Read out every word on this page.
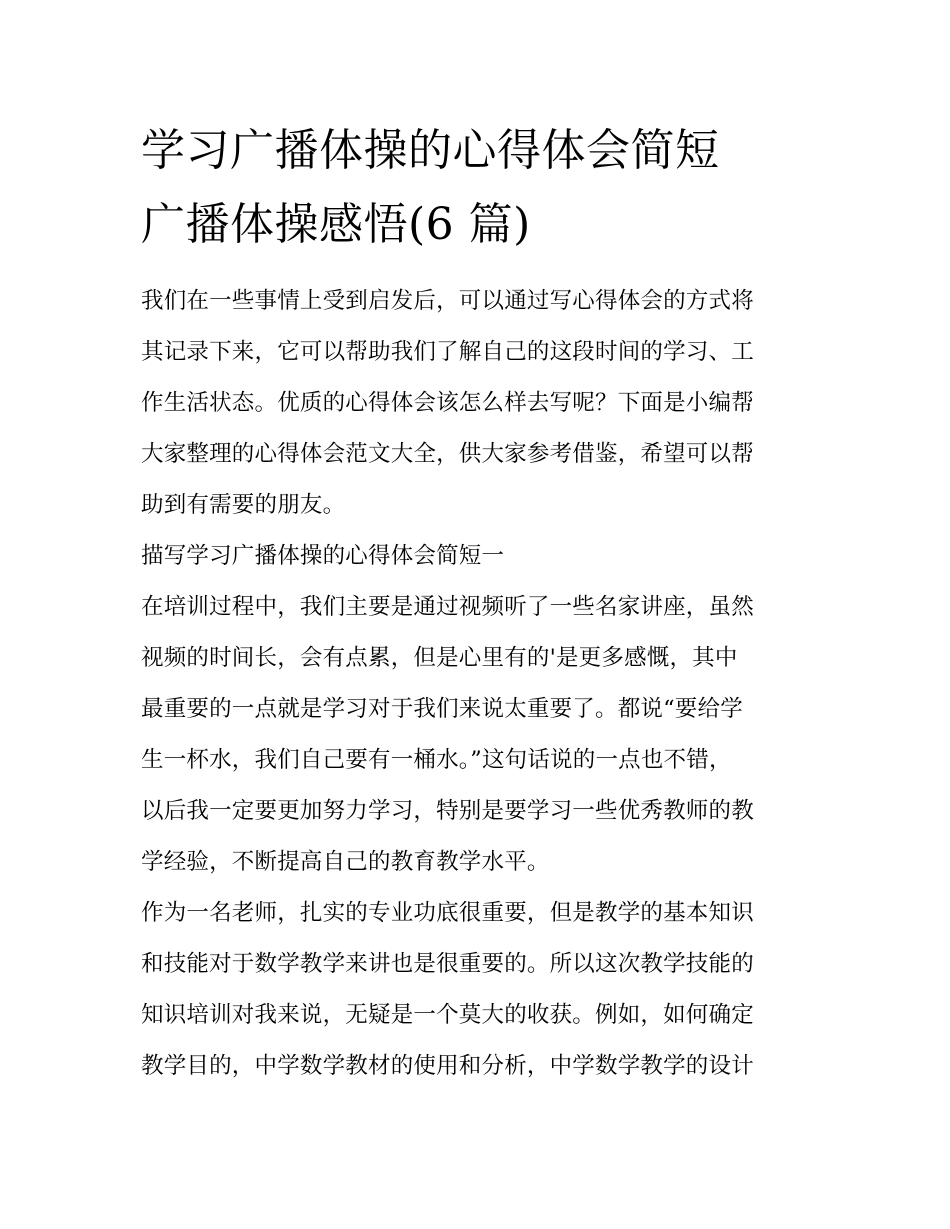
学习广播体操的心得体会简短
广播体操感悟(6 篇)

我们在一些事情上受到启发后，可以通过写心得体会的方式将
其记录下来，它可以帮助我们了解自己的这段时间的学习、工
作生活状态。优质的心得体会该怎么样去写呢？下面是小编帮
大家整理的心得体会范文大全，供大家参考借鉴，希望可以帮
助到有需要的朋友。

描写学习广播体操的心得体会简短一

在培训过程中，我们主要是通过视频听了一些名家讲座，虽然
视频的时间长，会有点累，但是心里有的'是更多感慨，其中
最重要的一点就是学习对于我们来说太重要了。都说“要给学
生一杯水，我们自己要有一桶水。”这句话说的一点也不错，
以后我一定要更加努力学习，特别是要学习一些优秀教师的教
学经验，不断提高自己的教育教学水平。

作为一名老师，扎实的专业功底很重要，但是教学的基本知识
和技能对于数学教学来讲也是很重要的。所以这次教学技能的
知识培训对我来说，无疑是一个莫大的收获。例如，如何确定
教学目的，中学数学教材的使用和分析，中学数学教学的设计
